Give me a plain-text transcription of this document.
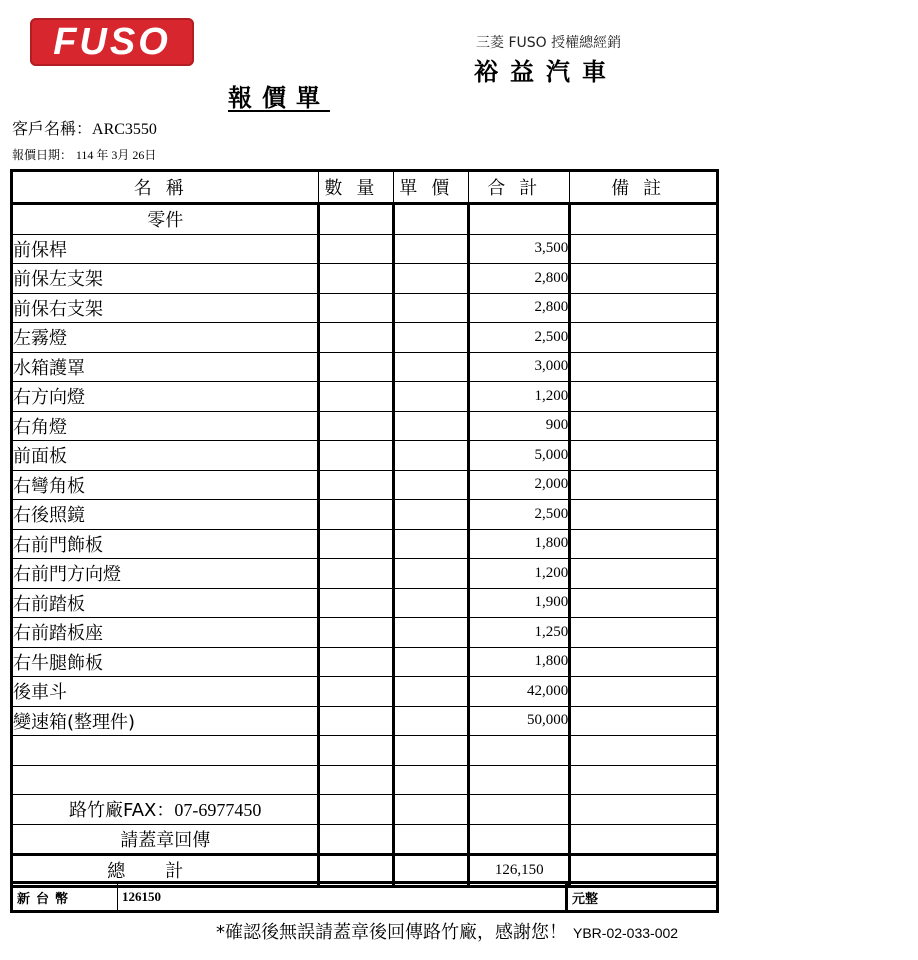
FUSO	三菱 FUSO 授權總經銷
裕益汽車
報價單
客戶名稱：ARC3550
報價日期： 114 年 3月 26日
名稱	數量	單價	合計	備註
零件				
前保桿			3,500	
前保左支架			2,800	
前保右支架			2,800	
左霧燈			2,500	
水箱護罩			3,000	
右方向燈			1,200	
右角燈			900	
前面板			5,000	
右彎角板			2,000	
右後照鏡			2,500	
右前門飾板			1,800	
右前門方向燈			1,200	
右前踏板			1,900	
右前踏板座			1,250	
右牛腿飾板			1,800	
後車斗			42,000	
變速箱(整理件)			50,000	

路竹廠FAX：07-6977450				
請蓋章回傳				
總計			126,150	
新台幣	126150	元整
*確認後無誤請蓋章後回傳路竹廠，感謝您！ YBR-02-033-002
